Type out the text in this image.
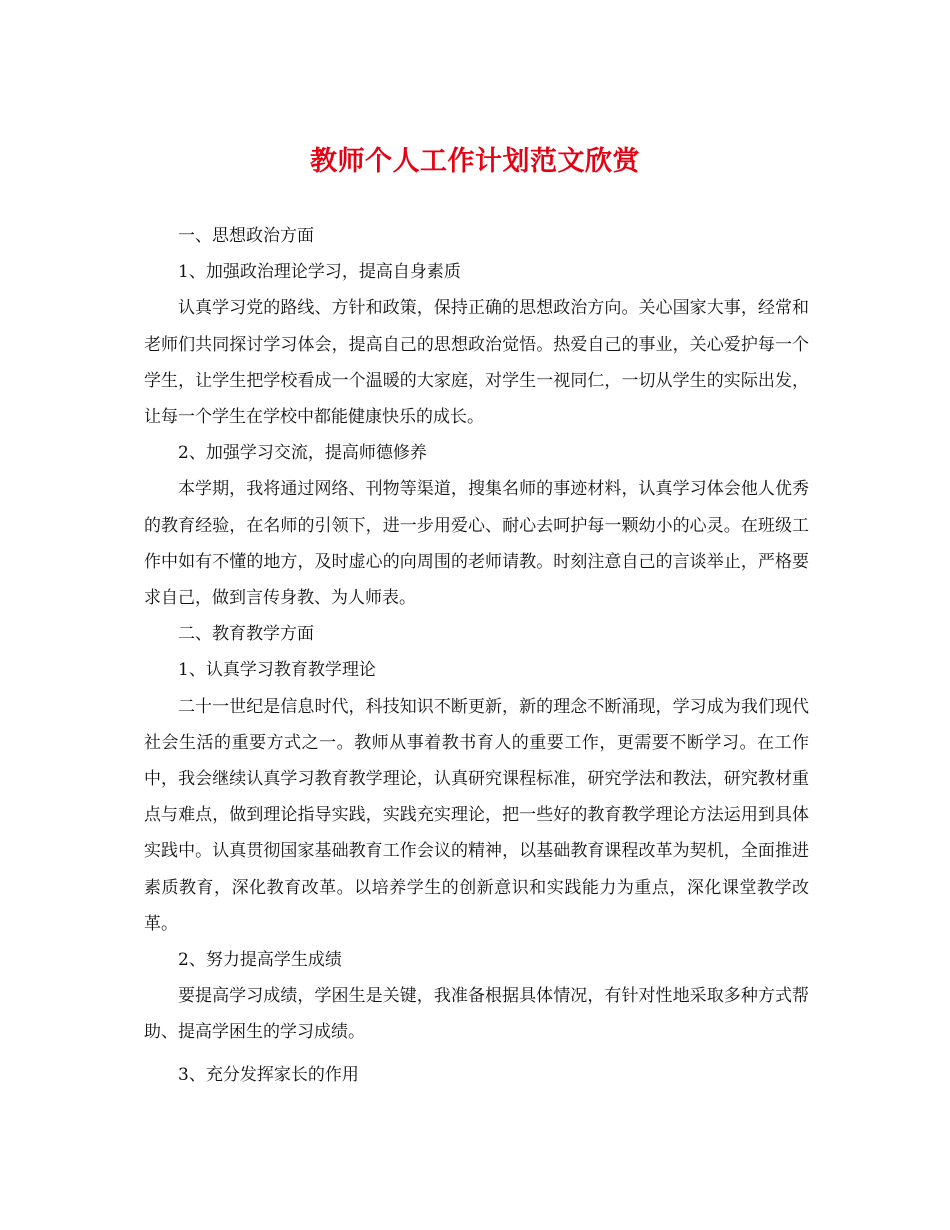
教师个人工作计划范文欣赏

一、思想政治方面

1、加强政治理论学习，提高自身素质

认真学习党的路线、方针和政策，保持正确的思想政治方向。关心国家大事，经常和老师们共同探讨学习体会，提高自己的思想政治觉悟。热爱自己的事业，关心爱护每一个学生，让学生把学校看成一个温暖的大家庭，对学生一视同仁，一切从学生的实际出发，让每一个学生在学校中都能健康快乐的成长。

2、加强学习交流，提高师德修养

本学期，我将通过网络、刊物等渠道，搜集名师的事迹材料，认真学习体会他人优秀的教育经验，在名师的引领下，进一步用爱心、耐心去呵护每一颗幼小的心灵。在班级工作中如有不懂的地方，及时虚心的向周围的老师请教。时刻注意自己的言谈举止，严格要求自己，做到言传身教、为人师表。

二、教育教学方面

1、认真学习教育教学理论

二十一世纪是信息时代，科技知识不断更新，新的理念不断涌现，学习成为我们现代社会生活的重要方式之一。教师从事着教书育人的重要工作，更需要不断学习。在工作中，我会继续认真学习教育教学理论，认真研究课程标准，研究学法和教法，研究教材重点与难点，做到理论指导实践，实践充实理论，把一些好的教育教学理论方法运用到具体实践中。认真贯彻国家基础教育工作会议的精神，以基础教育课程改革为契机，全面推进素质教育，深化教育改革。以培养学生的创新意识和实践能力为重点，深化课堂教学改革。

2、努力提高学生成绩

要提高学习成绩，学困生是关键，我准备根据具体情况，有针对性地采取多种方式帮助、提高学困生的学习成绩。

3、充分发挥家长的作用
